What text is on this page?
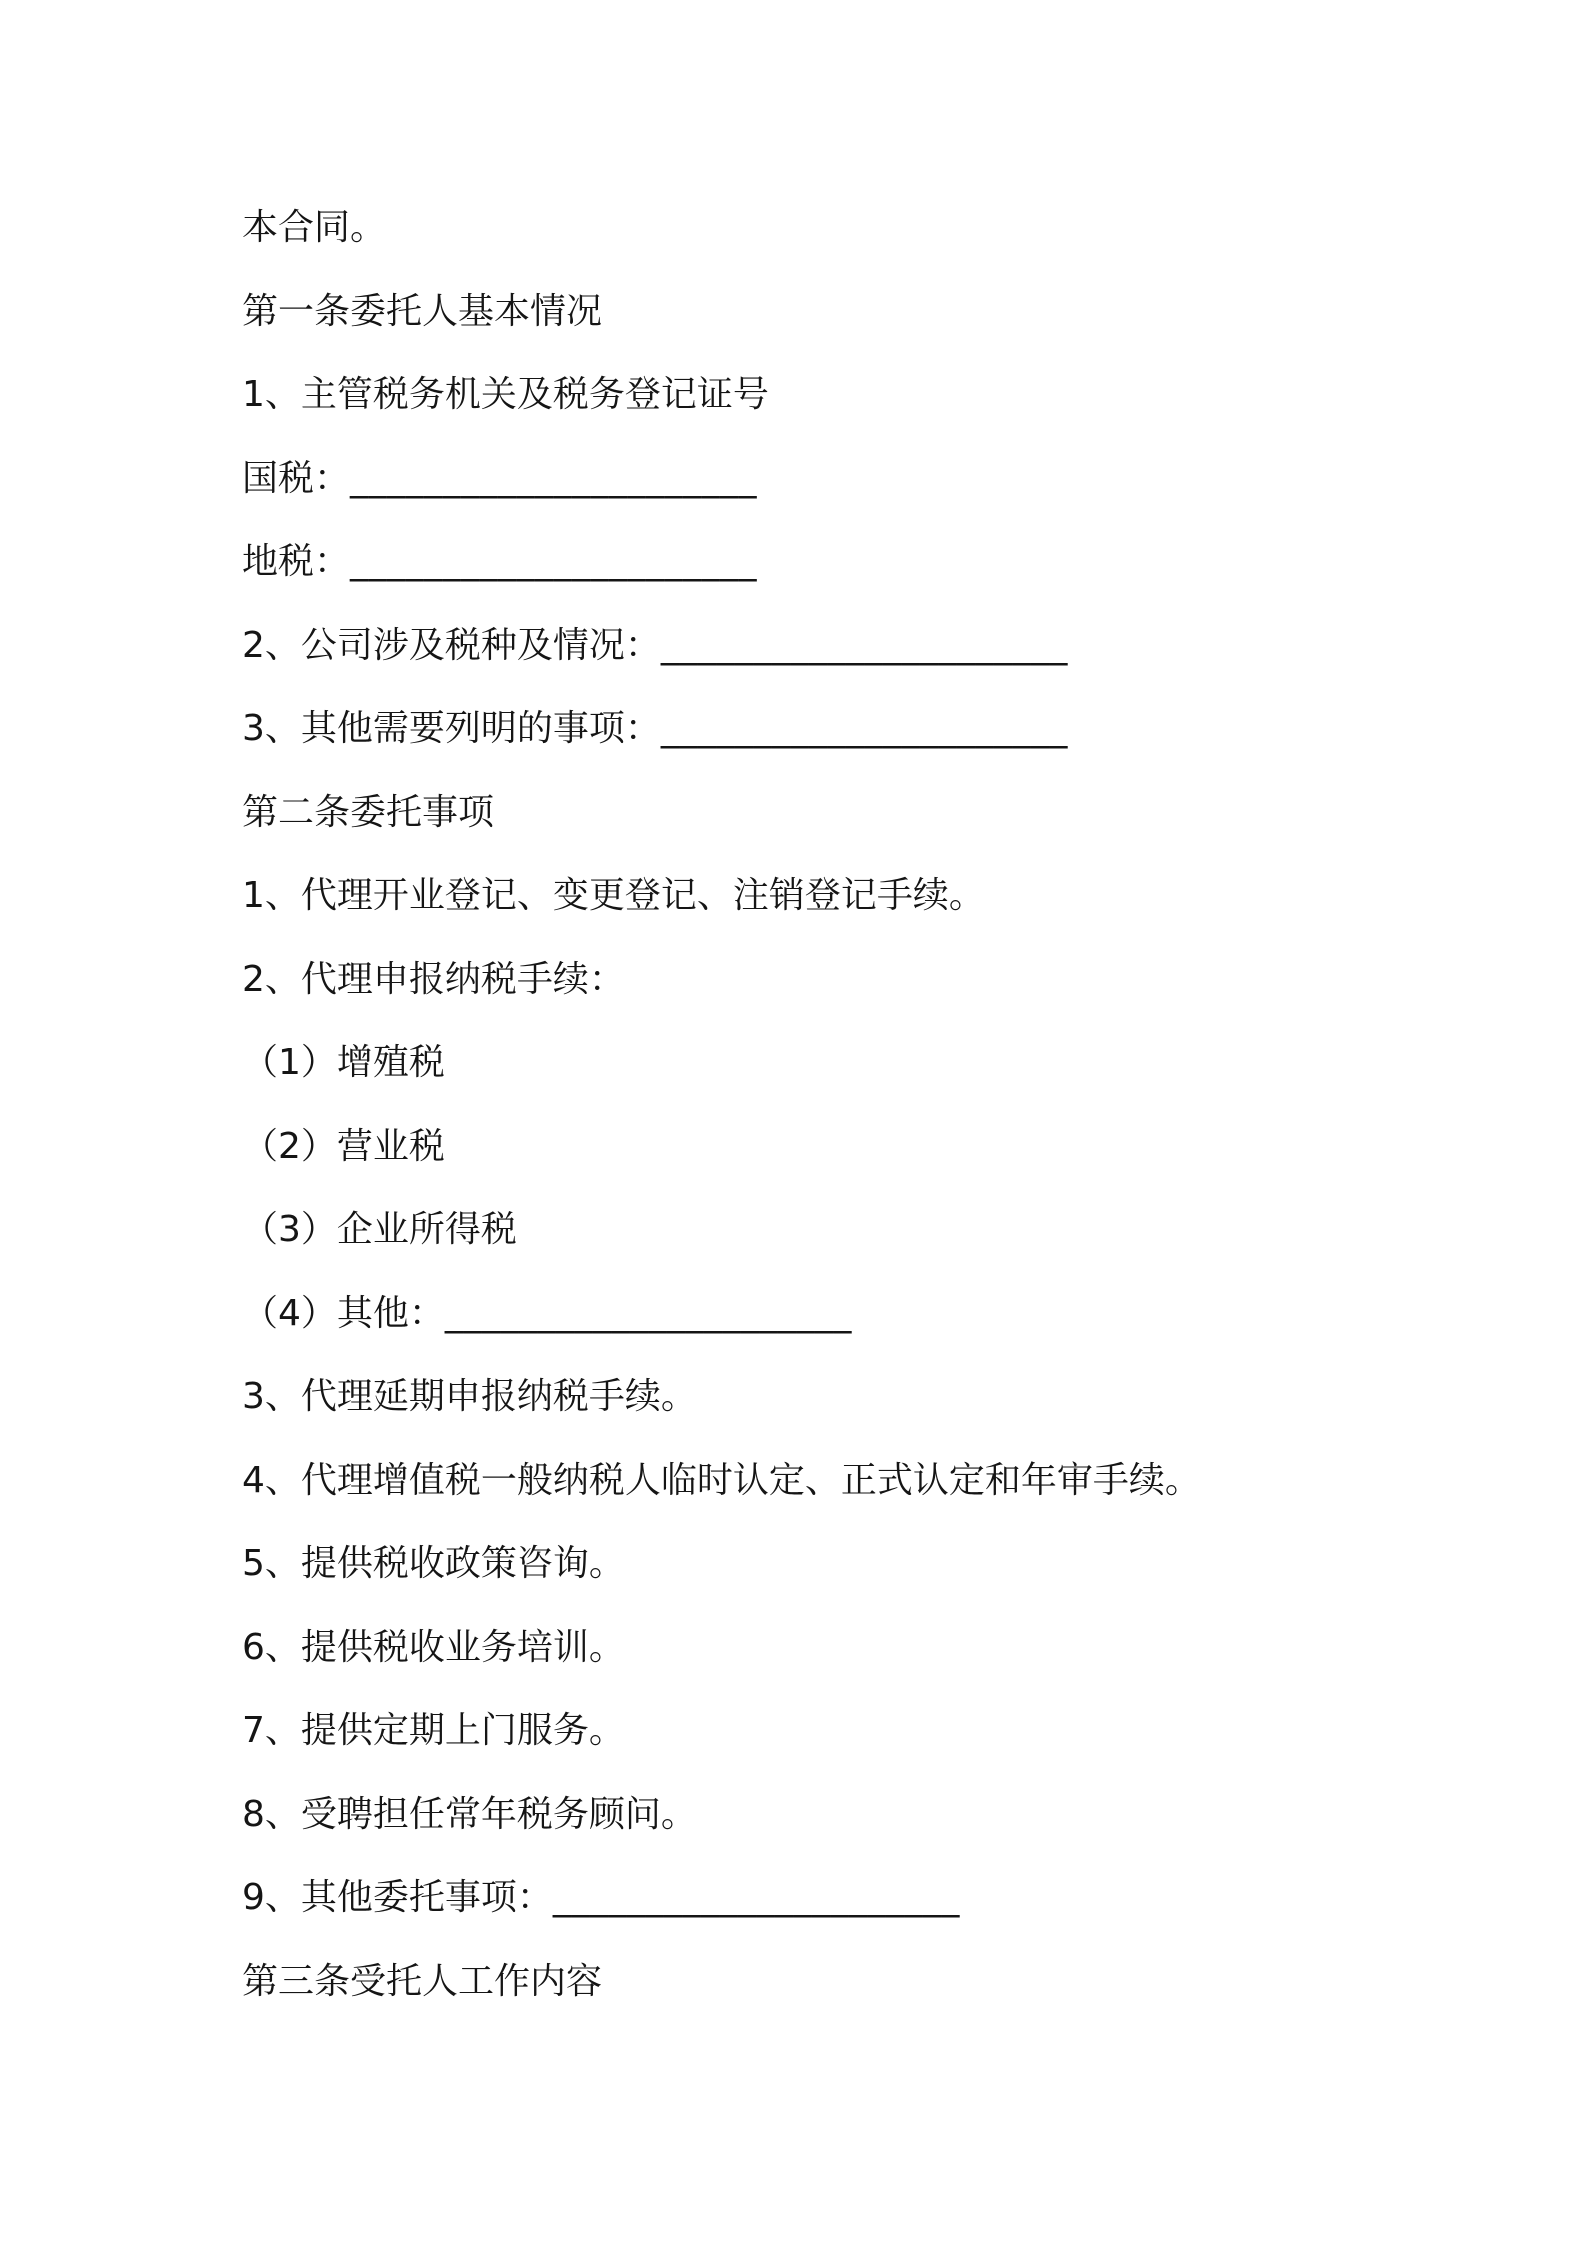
本合同。

第一条委托人基本情况

1、主管税务机关及税务登记证号

国税：______________________

地税：______________________

2、公司涉及税种及情况：______________________

3、其他需要列明的事项：______________________

第二条委托事项

1、代理开业登记、变更登记、注销登记手续。

2、代理申报纳税手续：

（1）增殖税

（2）营业税

（3）企业所得税

（4）其他：______________________

3、代理延期申报纳税手续。

4、代理增值税一般纳税人临时认定、正式认定和年审手续。

5、提供税收政策咨询。

6、提供税收业务培训。

7、提供定期上门服务。

8、受聘担任常年税务顾问。

9、其他委托事项：______________________

第三条受托人工作内容
